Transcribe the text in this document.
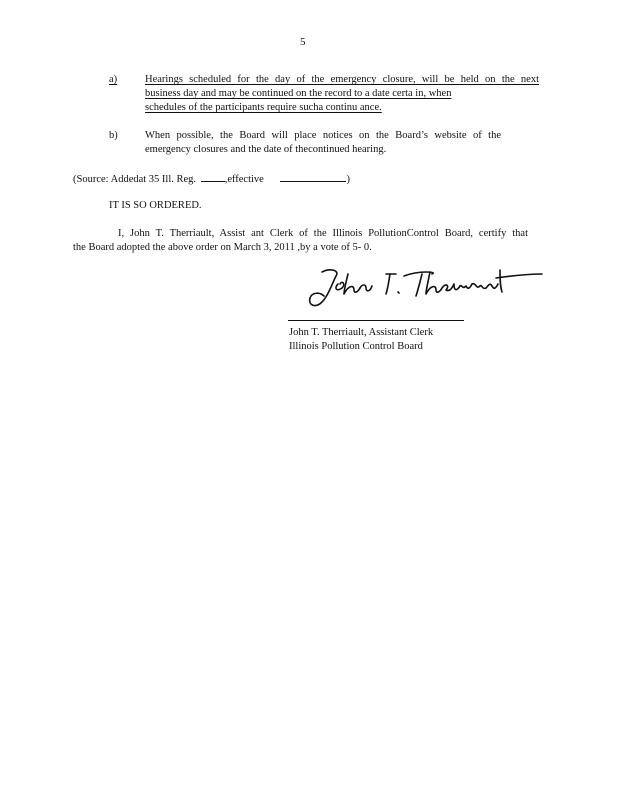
5
a)	Hearings scheduled for the day of the emergency closure, will be held on the next
business day and may be continued on the record to a date certa in, when
schedules of the participants require sucha continu ance.
b)	When possible, the Board will place notices on the Board’s website of the
emergency closures and the date of thecontinued hearing.
(Source: Addedat 35 Ill. Reg.	,effective	)
IT IS SO ORDERED.
I, John T. Therriault, Assist ant Clerk of the Illinois PollutionControl Board, certify that
the Board adopted the above order on March 3, 2011 ,by a vote of 5- 0.
John T. Therriault, Assistant Clerk
Illinois Pollution Control Board
